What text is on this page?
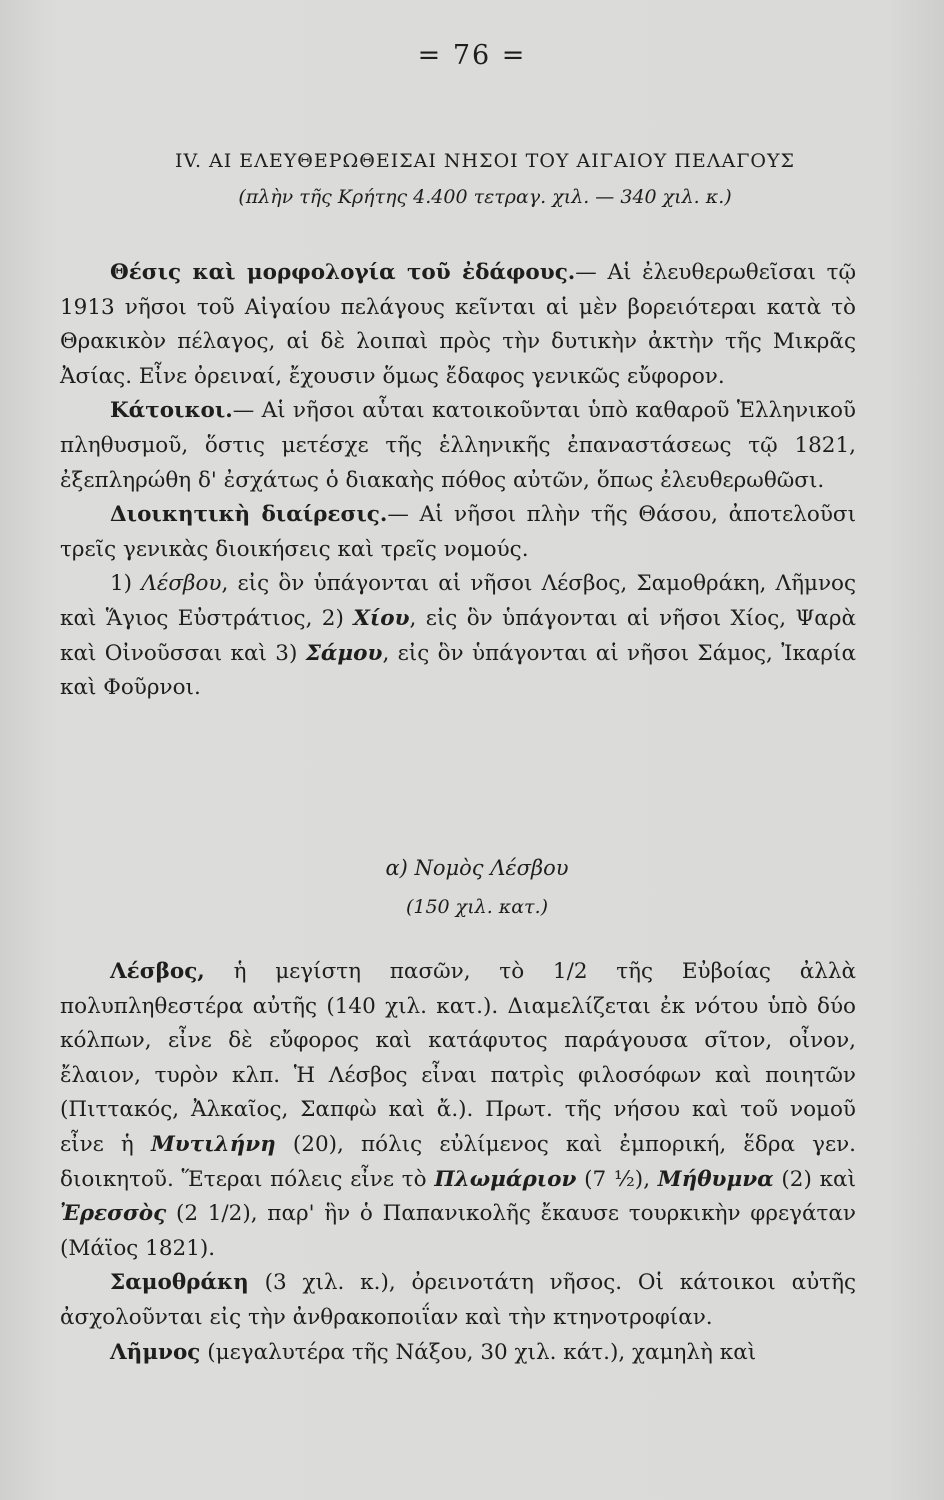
= 76 =
IV. ΑΙ ΕΛΕΥΘΕΡΩΘΕΙΣΑΙ ΝΗΣΟΙ ΤΟΥ ΑΙΓΑΙΟΥ ΠΕΛΑΓΟΥΣ
(πλὴν τῆς Κρήτης 4.400 τετραγ. χιλ. — 340 χιλ. κ.)

Θέσις καὶ μορφολογία τοῦ ἐδάφους.— Αἱ ἐλευθερωθεῖσαι τῷ 1913 νῆσοι τοῦ Αἰγαίου πελάγους κεῖνται αἱ μὲν βορειότεραι κατὰ τὸ Θρακικὸν πέλαγος, αἱ δὲ λοιπαὶ πρὸς τὴν δυτικὴν ἀκτὴν τῆς Μικρᾶς Ἀσίας. Εἶνε ὀρειναί, ἔχουσιν ὅμως ἔδαφος γενικῶς εὔφορον.

Κάτοικοι.— Αἱ νῆσοι αὗται κατοικοῦνται ὑπὸ καθαροῦ Ἑλληνικοῦ πληθυσμοῦ, ὅστις μετέσχε τῆς ἑλληνικῆς ἐπαναστάσεως τῷ 1821, ἐξεπληρώθη δ' ἐσχάτως ὁ διακαὴς πόθος αὐτῶν, ὅπως ἐλευθερωθῶσι.

Διοικητικὴ διαίρεσις.— Αἱ νῆσοι πλὴν τῆς Θάσου, ἀποτελοῦσι τρεῖς γενικὰς διοικήσεις καὶ τρεῖς νομούς.

1) Λέσβου, εἰς ὃν ὑπάγονται αἱ νῆσοι Λέσβος, Σαμοθράκη, Λῆμνος καὶ Ἅγιος Εὐστράτιος, 2) Χίου, εἰς ὃν ὑπάγονται αἱ νῆσοι Χίος, Ψαρὰ καὶ Οἰνοῦσσαι καὶ 3) Σάμου, εἰς ὃν ὑπάγονται αἱ νῆσοι Σάμος, Ἰκαρία καὶ Φοῦρνοι.

α) Νομὸς Λέσβου
(150 χιλ. κατ.)

Λέσβος, ἡ μεγίστη πασῶν, τὸ 1/2 τῆς Εὐβοίας ἀλλὰ πολυπληθεστέρα αὐτῆς (140 χιλ. κατ.). Διαμελίζεται ἐκ νότου ὑπὸ δύο κόλπων, εἶνε δὲ εὔφορος καὶ κατάφυτος παράγουσα σῖτον, οἶνον, ἔλαιον, τυρὸν κλπ. Ἡ Λέσβος εἶναι πατρὶς φιλοσόφων καὶ ποιητῶν (Πιττακός, Ἀλκαῖος, Σαπφὼ καὶ ἄ.). Πρωτ. τῆς νήσου καὶ τοῦ νομοῦ εἶνε ἡ Μυτιλήνη (20), πόλις εὐλίμενος καὶ ἐμπορική, ἕδρα γεν. διοικητοῦ. Ἕτεραι πόλεις εἶνε τὸ Πλωμάριον (7 ½), Μήθυμνα (2) καὶ Ἐρεσσὸς (2 1/2), παρ' ἣν ὁ Παπανικολῆς ἔκαυσε τουρκικὴν φρεγάταν (Μάϊος 1821).

Σαμοθράκη (3 χιλ. κ.), ὀρεινοτάτη νῆσος. Οἱ κάτοικοι αὐτῆς ἀσχολοῦνται εἰς τὴν ἀνθρακοποιΐαν καὶ τὴν κτηνοτροφίαν.

Λῆμνος (μεγαλυτέρα τῆς Νάξου, 30 χιλ. κάτ.), χαμηλὴ καὶ
